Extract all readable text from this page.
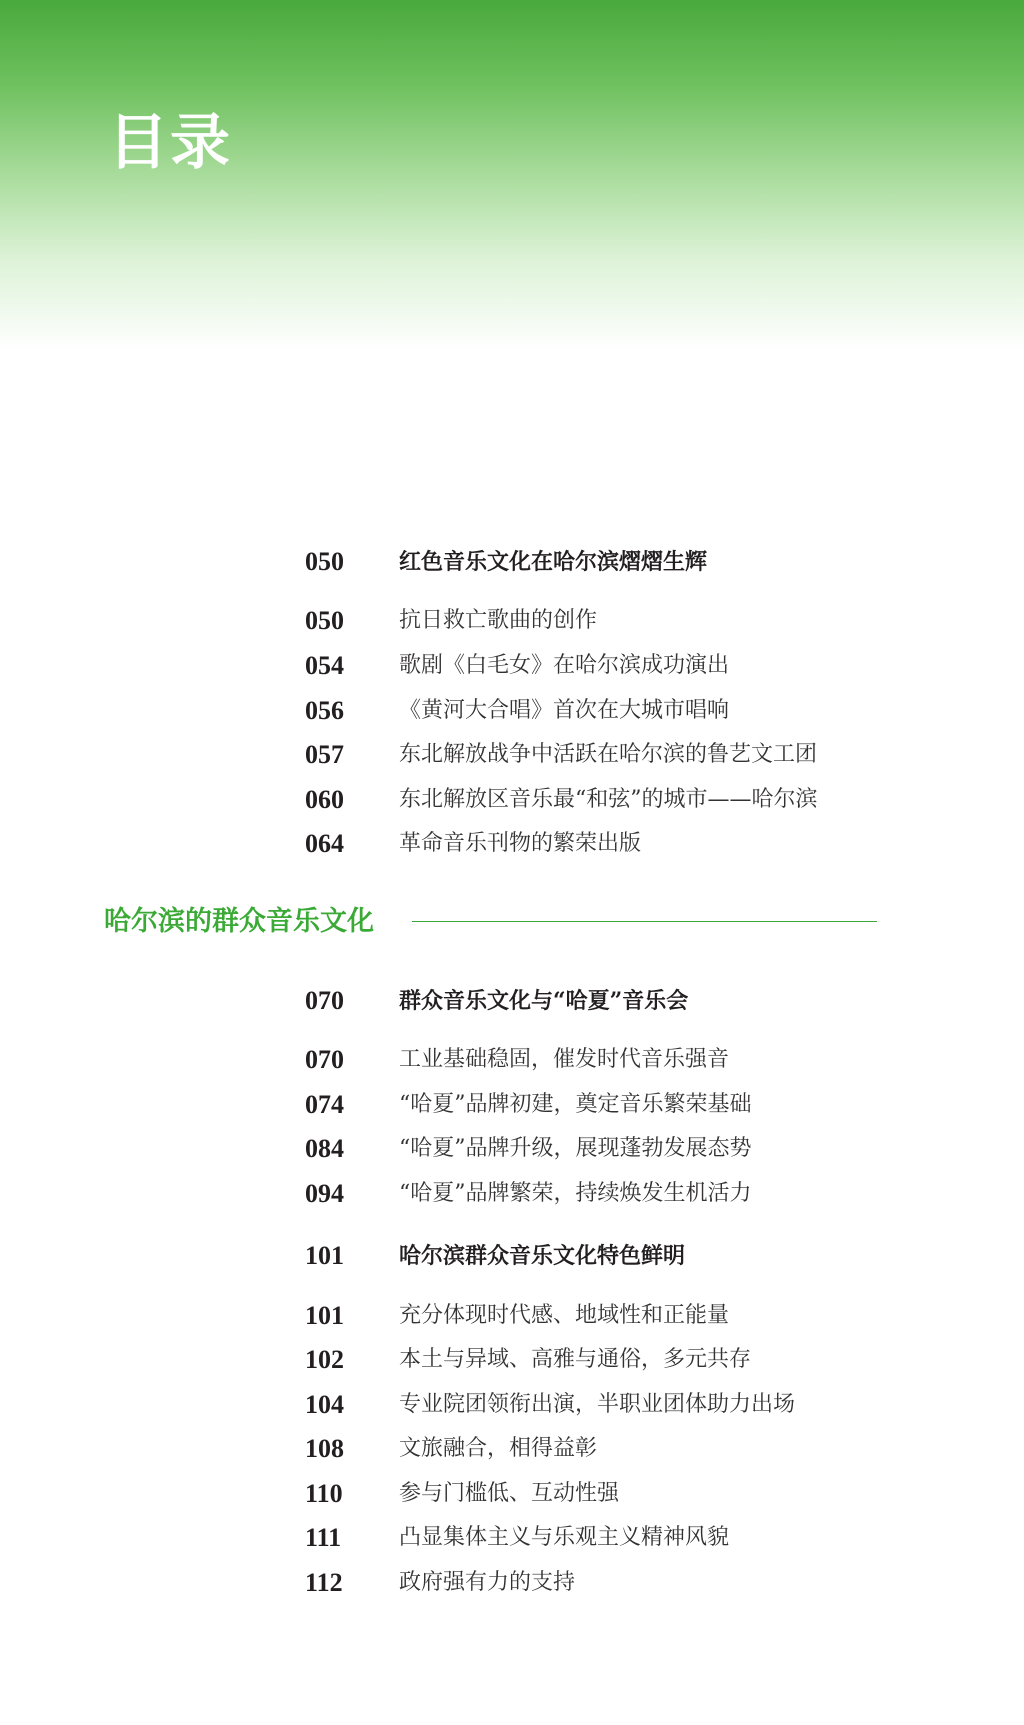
目录
050	红色音乐文化在哈尔滨熠熠生辉
050	抗日救亡歌曲的创作
054	歌剧《白毛女》在哈尔滨成功演出
056	《黄河大合唱》首次在大城市唱响
057	东北解放战争中活跃在哈尔滨的鲁艺文工团
060	东北解放区音乐最“和弦”的城市——哈尔滨
064	革命音乐刊物的繁荣出版
哈尔滨的群众音乐文化
070	群众音乐文化与“哈夏”音乐会
070	工业基础稳固，催发时代音乐强音
074	“哈夏”品牌初建，奠定音乐繁荣基础
084	“哈夏”品牌升级，展现蓬勃发展态势
094	“哈夏”品牌繁荣，持续焕发生机活力
101	哈尔滨群众音乐文化特色鲜明
101	充分体现时代感、地域性和正能量
102	本土与异域、高雅与通俗，多元共存
104	专业院团领衔出演，半职业团体助力出场
108	文旅融合，相得益彰
110	参与门槛低、互动性强
111	凸显集体主义与乐观主义精神风貌
112	政府强有力的支持
